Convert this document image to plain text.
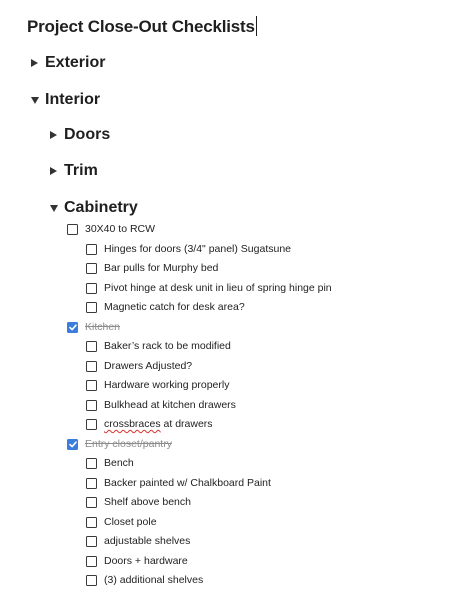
Project Close-Out Checklists
Exterior
Interior
Doors
Trim
Cabinetry
30X40 to RCW
Hinges for doors (3/4" panel) Sugatsune
Bar pulls for Murphy bed
Pivot hinge at desk unit in lieu of spring hinge pin
Magnetic catch for desk area?
Kitchen
Baker’s rack to be modified
Drawers Adjusted?
Hardware working properly
Bulkhead at kitchen drawers
crossbraces at drawers
Entry closet/pantry
Bench
Backer painted w/ Chalkboard Paint
Shelf above bench
Closet pole
adjustable shelves
Doors + hardware
(3) additional shelves
